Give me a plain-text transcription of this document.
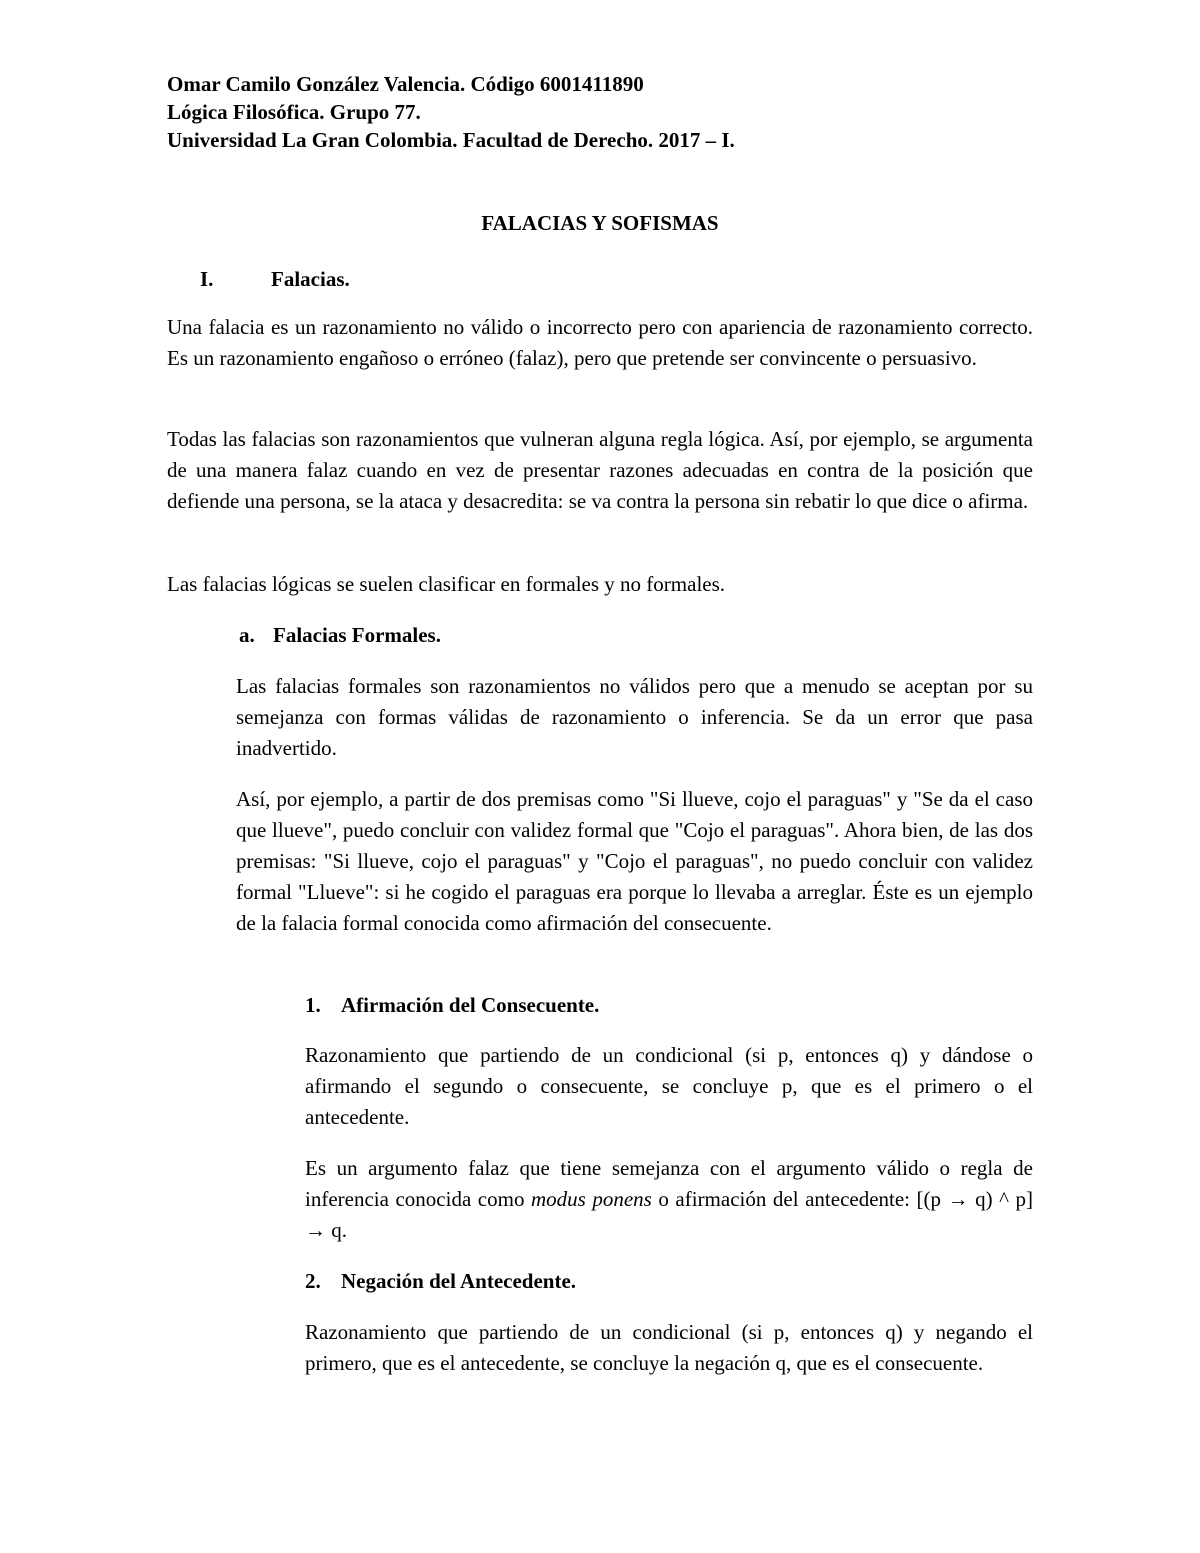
Omar Camilo González Valencia. Código 6001411890
Lógica Filosófica. Grupo 77.
Universidad La Gran Colombia. Facultad de Derecho. 2017 – I.
FALACIAS Y SOFISMAS
I.	Falacias.

Una falacia es un razonamiento no válido o incorrecto pero con apariencia de razonamiento correcto. Es un razonamiento engañoso o erróneo (falaz), pero que pretende ser convincente o persuasivo.

Todas las falacias son razonamientos que vulneran alguna regla lógica. Así, por ejemplo, se argumenta de una manera falaz cuando en vez de presentar razones adecuadas en contra de la posición que defiende una persona, se la ataca y desacredita: se va contra la persona sin rebatir lo que dice o afirma.

Las falacias lógicas se suelen clasificar en formales y no formales.

a. Falacias Formales.

Las falacias formales son razonamientos no válidos pero que a menudo se aceptan por su semejanza con formas válidas de razonamiento o inferencia. Se da un error que pasa inadvertido.

Así, por ejemplo, a partir de dos premisas como "Si llueve, cojo el paraguas" y "Se da el caso que llueve", puedo concluir con validez formal que "Cojo el paraguas". Ahora bien, de las dos premisas: "Si llueve, cojo el paraguas" y "Cojo el paraguas", no puedo concluir con validez formal "Llueve": si he cogido el paraguas era porque lo llevaba a arreglar. Éste es un ejemplo de la falacia formal conocida como afirmación del consecuente.

1. Afirmación del Consecuente.

Razonamiento que partiendo de un condicional (si p, entonces q) y dándose o afirmando el segundo o consecuente, se concluye p, que es el primero o el antecedente.

Es un argumento falaz que tiene semejanza con el argumento válido o regla de inferencia conocida como modus ponens o afirmación del antecedente: [(p → q) ^ p] → q.

2. Negación del Antecedente.

Razonamiento que partiendo de un condicional (si p, entonces q) y negando el primero, que es el antecedente, se concluye la negación q, que es el consecuente.
